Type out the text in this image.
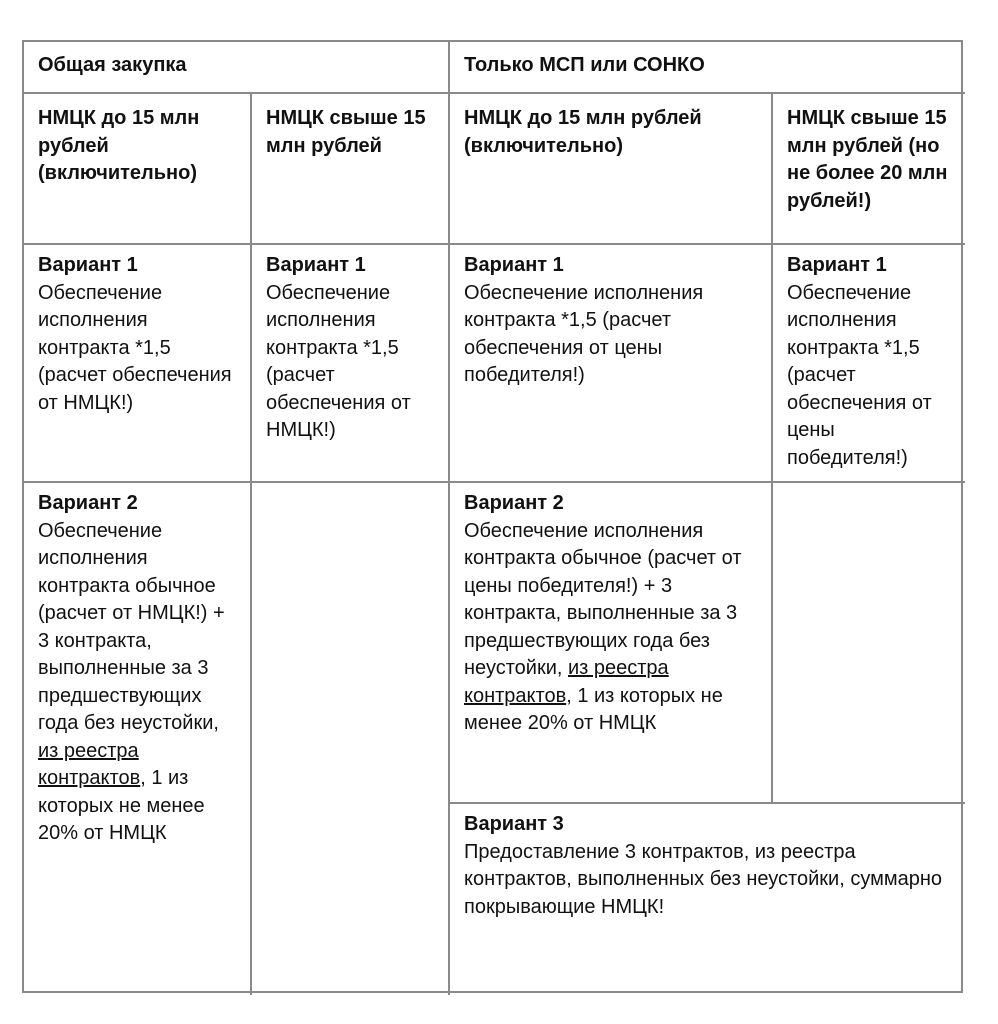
Общая закупка	Только МСП или СОНКО
НМЦК до 15 млн рублей (включительно)
НМЦК свыше 15 млн рублей
НМЦК до 15 млн рублей (включительно)
НМЦК свыше 15 млн рублей (но не более 20 млн рублей!)
Вариант 1
Обеспечение исполнения контракта *1,5 (расчет обеспечения от НМЦК!)
Вариант 1
Обеспечение исполнения контракта *1,5 (расчет обеспечения от НМЦК!)
Вариант 1
Обеспечение исполнения контракта *1,5 (расчет обеспечения от цены победителя!)
Вариант 1
Обеспечение исполнения контракта *1,5 (расчет обеспечения от цены победителя!)
Вариант 2
Обеспечение исполнения контракта обычное (расчет от НМЦК!) + 3 контракта, выполненные за 3 предшествующих года без неустойки, из реестра контрактов, 1 из которых не менее 20% от НМЦК
Вариант 2
Обеспечение исполнения контракта обычное (расчет от цены победителя!) + 3 контракта, выполненные за 3 предшествующих года без неустойки, из реестра контрактов, 1 из которых не менее 20% от НМЦК
Вариант 3
Предоставление 3 контрактов, из реестра контрактов, выполненных без неустойки, суммарно покрывающие НМЦК!
